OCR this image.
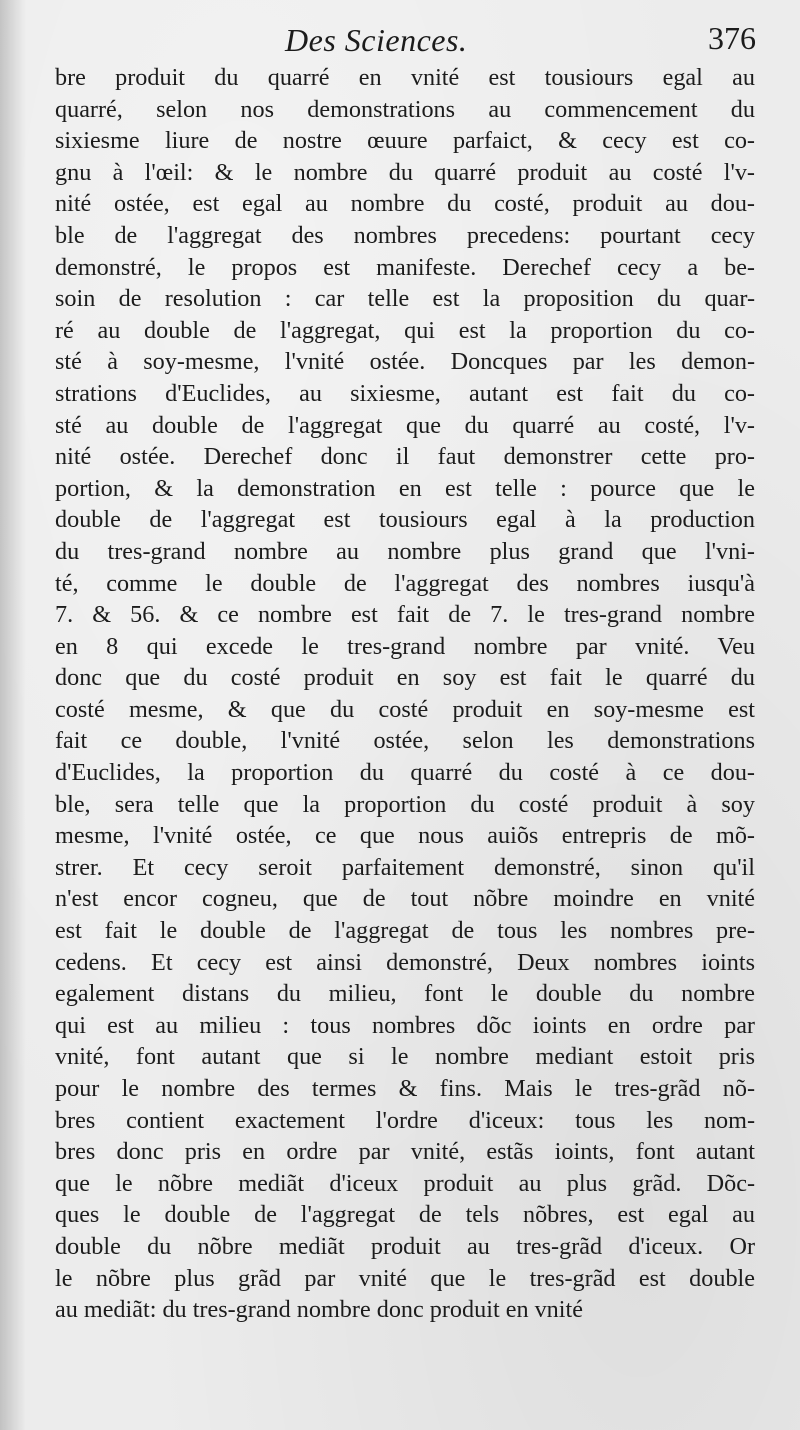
Des Sciences.	376
bre produit du quarré en vnité est tousiours egal au
quarré, selon nos demonstrations au commencement du
sixiesme liure de nostre œuure parfaict, & cecy est co-
gnu à l'œil: & le nombre du quarré produit au costé l'v-
nité ostée, est egal au nombre du costé, produit au dou-
ble de l'aggregat des nombres precedens: pourtant cecy
demonstré, le propos est manifeste. Derechef cecy a be-
soin de resolution : car telle est la proposition du quar-
ré au double de l'aggregat, qui est la proportion du co-
sté à soy-mesme, l'vnité ostée. Doncques par les demon-
strations d'Euclides, au sixiesme, autant est fait du co-
sté au double de l'aggregat que du quarré au costé, l'v-
nité ostée. Derechef donc il faut demonstrer cette pro-
portion, & la demonstration en est telle : pource que le
double de l'aggregat est tousiours egal à la production
du tres-grand nombre au nombre plus grand que l'vni-
té, comme le double de l'aggregat des nombres iusqu'à
7. & 56. & ce nombre est fait de 7. le tres-grand nombre
en 8 qui excede le tres-grand nombre par vnité. Veu
donc que du costé produit en soy est fait le quarré du
costé mesme, & que du costé produit en soy-mesme est
fait ce double, l'vnité ostée, selon les demonstrations
d'Euclides, la proportion du quarré du costé à ce dou-
ble, sera telle que la proportion du costé produit à soy
mesme, l'vnité ostée, ce que nous auiõs entrepris de mõ-
strer. Et cecy seroit parfaitement demonstré, sinon qu'il
n'est encor cogneu, que de tout nõbre moindre en vnité
est fait le double de l'aggregat de tous les nombres pre-
cedens. Et cecy est ainsi demonstré, Deux nombres ioints
egalement distans du milieu, font le double du nombre
qui est au milieu : tous nombres dõc ioints en ordre par
vnité, font autant que si le nombre mediant estoit pris
pour le nombre des termes & fins. Mais le tres-grãd nõ-
bres contient exactement l'ordre d'iceux: tous les nom-
bres donc pris en ordre par vnité, estãs ioints, font autant
que le nõbre mediãt d'iceux produit au plus grãd. Dõc-
ques le double de l'aggregat de tels nõbres, est egal au
double du nõbre mediãt produit au tres-grãd d'iceux. Or
le nõbre plus grãd par vnité que le tres-grãd est double
au mediãt: du tres-grand nombre donc produit en vnité
